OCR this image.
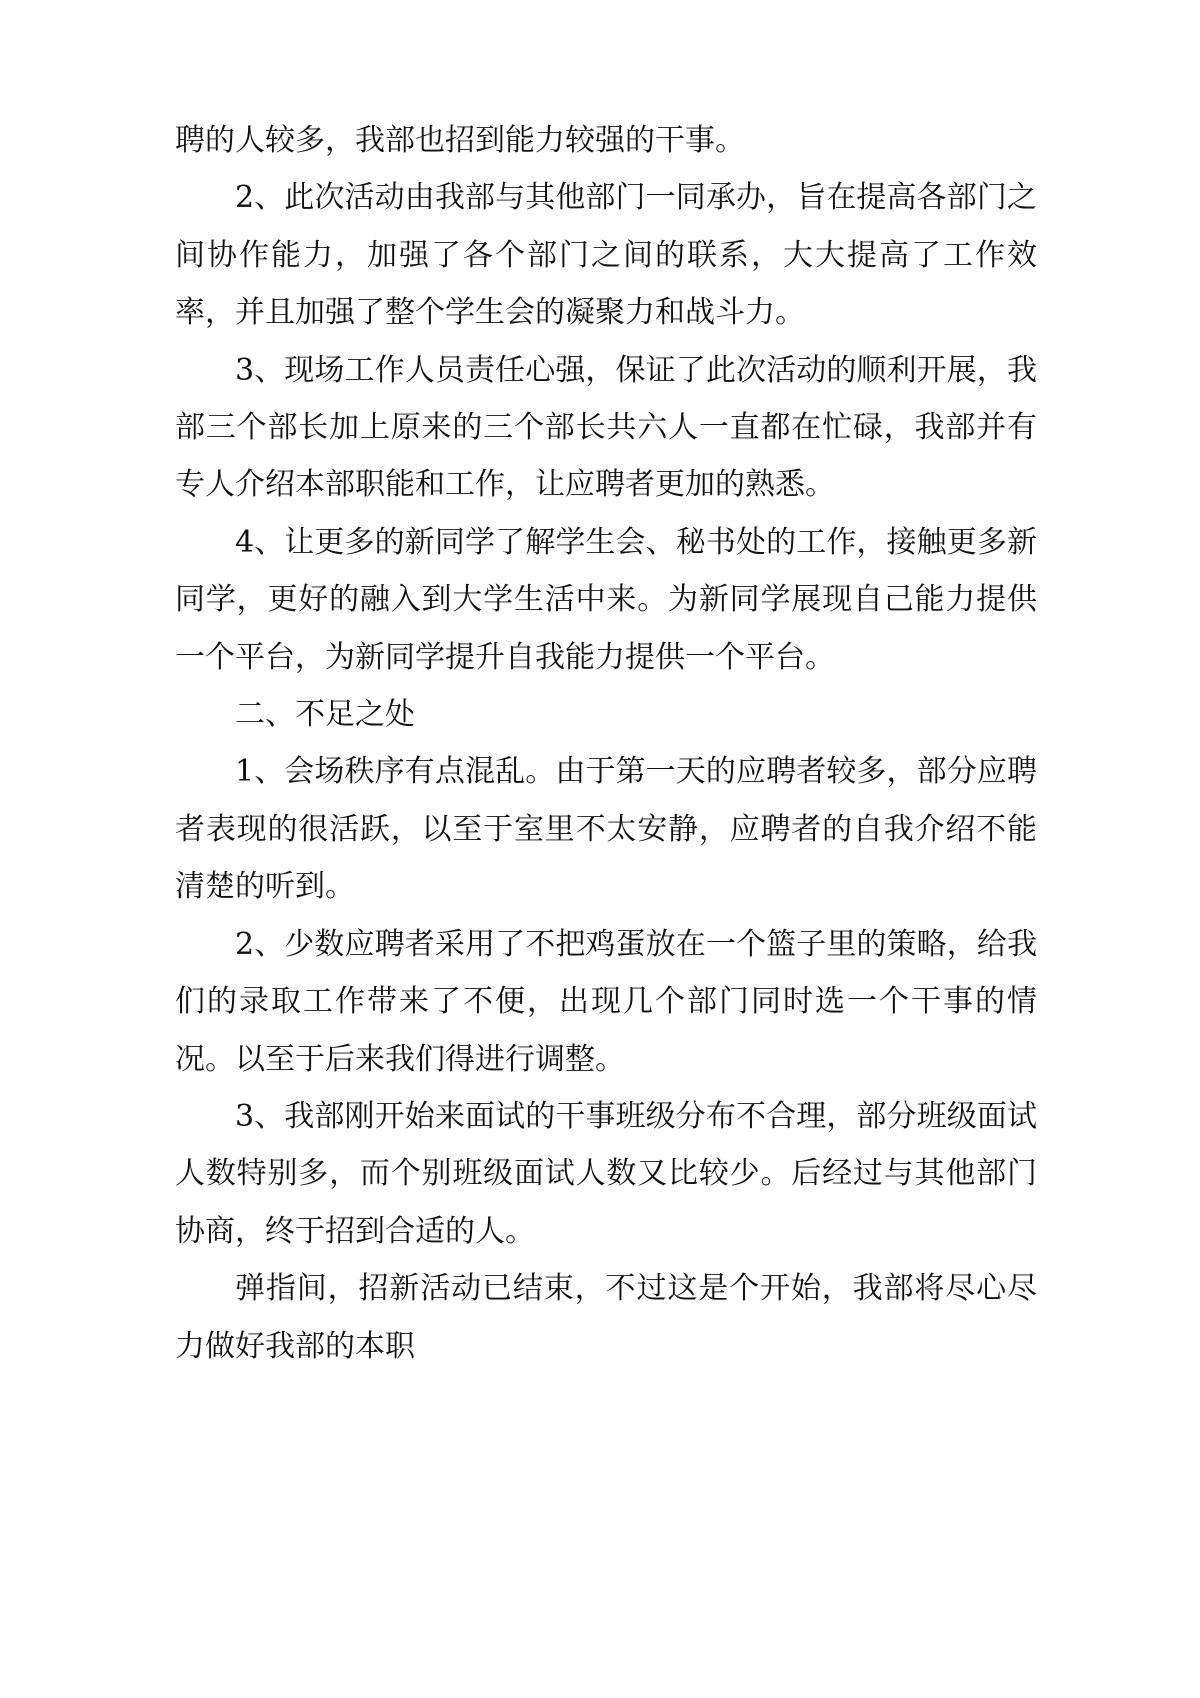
聘的人较多，我部也招到能力较强的干事。

2、此次活动由我部与其他部门一同承办，旨在提高各部门之间协作能力，加强了各个部门之间的联系，大大提高了工作效率，并且加强了整个学生会的凝聚力和战斗力。

3、现场工作人员责任心强，保证了此次活动的顺利开展，我部三个部长加上原来的三个部长共六人一直都在忙碌，我部并有专人介绍本部职能和工作，让应聘者更加的熟悉。

4、让更多的新同学了解学生会、秘书处的工作，接触更多新同学，更好的融入到大学生活中来。为新同学展现自己能力提供一个平台，为新同学提升自我能力提供一个平台。

二、不足之处

1、会场秩序有点混乱。由于第一天的应聘者较多，部分应聘者表现的很活跃，以至于室里不太安静，应聘者的自我介绍不能清楚的听到。

2、少数应聘者采用了不把鸡蛋放在一个篮子里的策略，给我们的录取工作带来了不便，出现几个部门同时选一个干事的情况。以至于后来我们得进行调整。

3、我部刚开始来面试的干事班级分布不合理，部分班级面试人数特别多，而个别班级面试人数又比较少。后经过与其他部门协商，终于招到合适的人。

弹指间，招新活动已结束，不过这是个开始，我部将尽心尽力做好我部的本职
